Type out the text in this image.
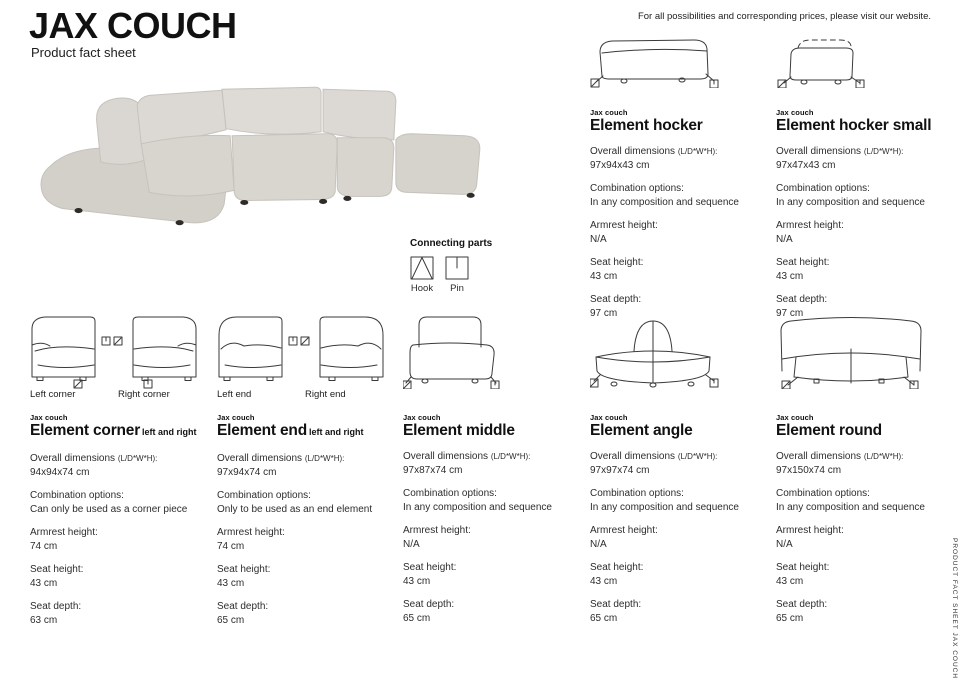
JAX COUCH
Product fact sheet
For all possibilities and corresponding prices, please visit our website.
Connecting parts
Hook Pin
Jax couch
Element hocker
Overall dimensions (L/D*W*H):
97x94x43 cm
Combination options:
In any composition and sequence
Armrest height:
N/A
Seat height:
43 cm
Seat depth:
97 cm
Jax couch
Element hocker small
Overall dimensions (L/D*W*H):
97x47x43 cm
Combination options:
In any composition and sequence
Armrest height:
N/A
Seat height:
43 cm
Seat depth:
97 cm
Left corner	Right corner
Jax couch
Element corner left and right
Overall dimensions (L/D*W*H):
94x94x74 cm
Combination options:
Can only be used as a corner piece
Armrest height:
74 cm
Seat height:
43 cm
Seat depth:
63 cm
Left end	Right end
Jax couch
Element end left and right
Overall dimensions (L/D*W*H):
97x94x74 cm
Combination options:
Only to be used as an end element
Armrest height:
74 cm
Seat height:
43 cm
Seat depth:
65 cm
Jax couch
Element middle
Overall dimensions (L/D*W*H):
97x87x74 cm
Combination options:
In any composition and sequence
Armrest height:
N/A
Seat height:
43 cm
Seat depth:
65 cm
Jax couch
Element angle
Overall dimensions (L/D*W*H):
97x97x74 cm
Combination options:
In any composition and sequence
Armrest height:
N/A
Seat height:
43 cm
Seat depth:
65 cm
Jax couch
Element round
Overall dimensions (L/D*W*H):
97x150x74 cm
Combination options:
In any composition and sequence
Armrest height:
N/A
Seat height:
43 cm
Seat depth:
65 cm	PRODUCT FACT SHEET JAX COUCH
